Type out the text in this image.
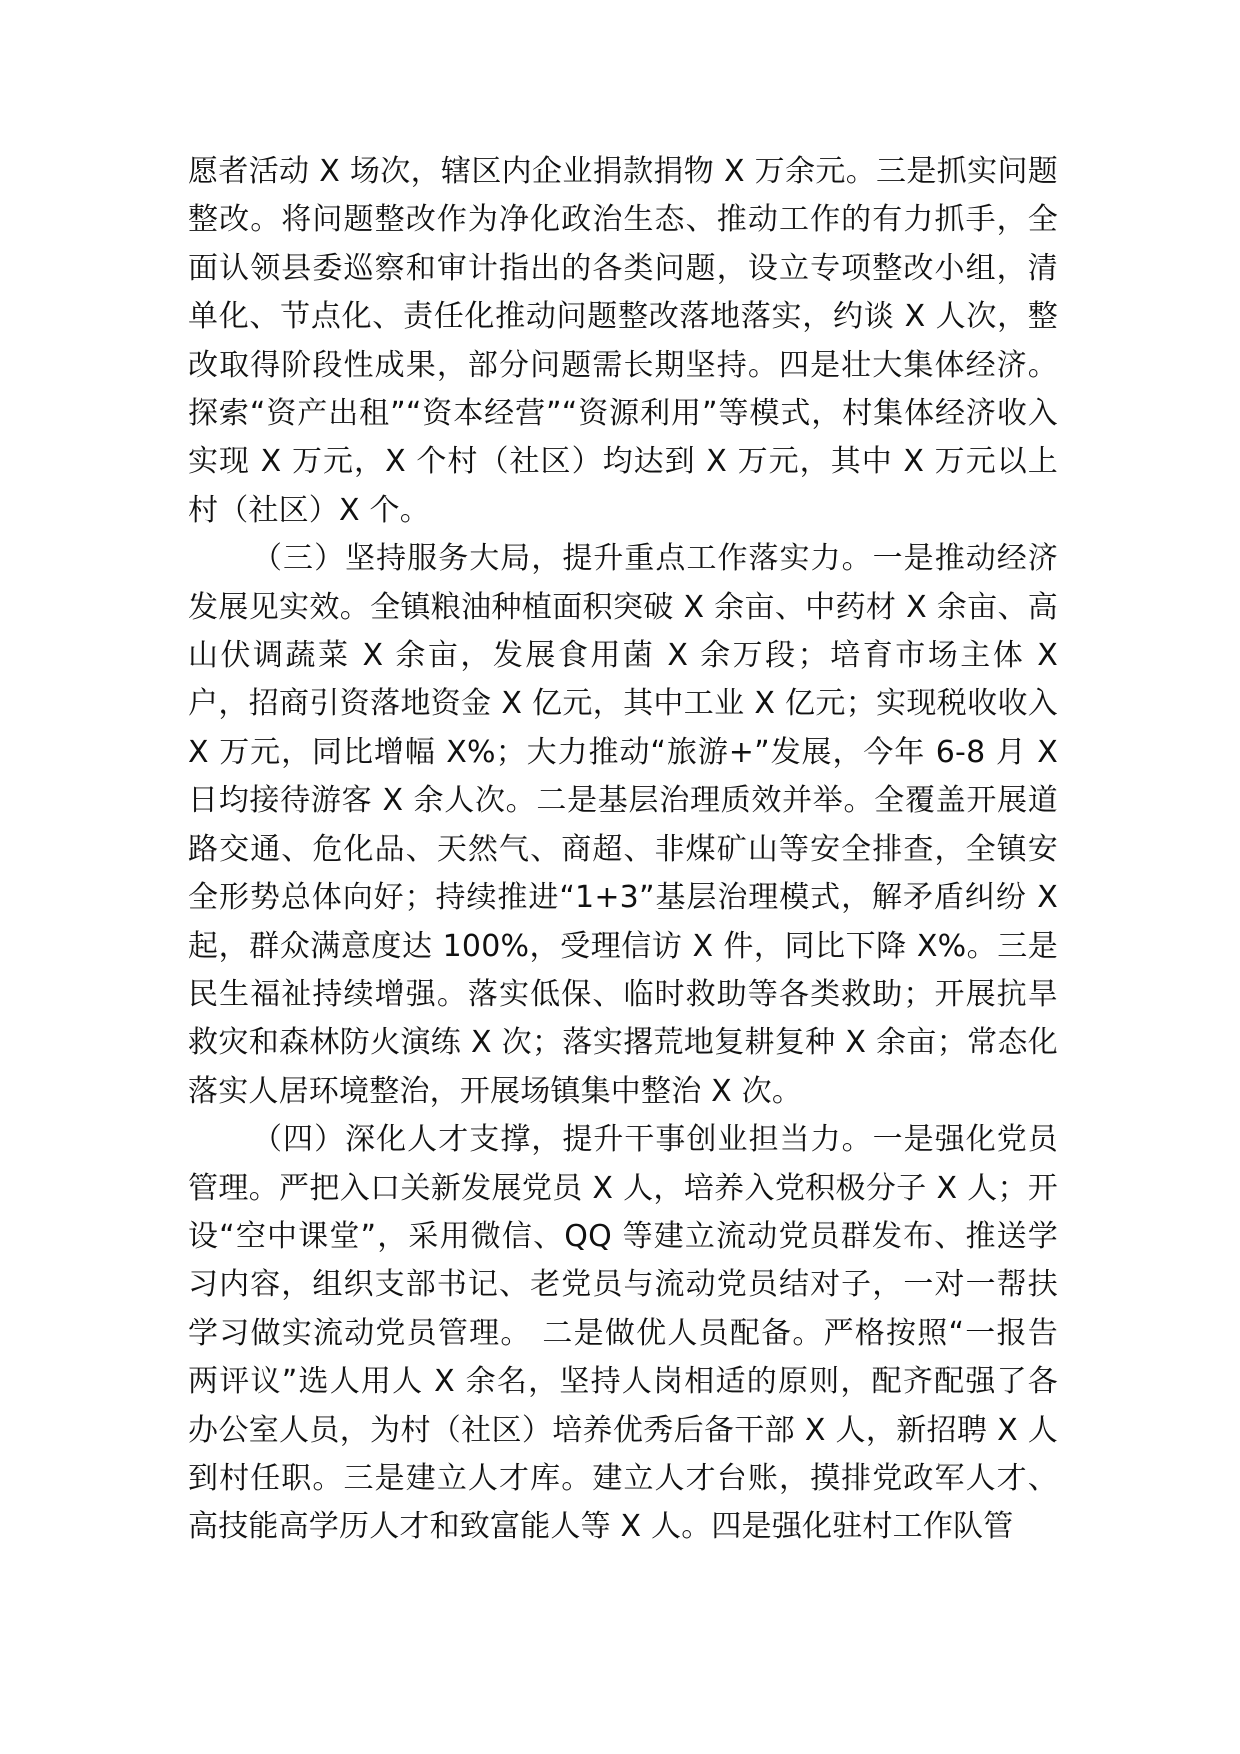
愿者活动 X 场次，辖区内企业捐款捐物 X 万余元。三是抓实问题整改。将问题整改作为净化政治生态、推动工作的有力抓手，全面认领县委巡察和审计指出的各类问题，设立专项整改小组，清单化、节点化、责任化推动问题整改落地落实，约谈 X 人次，整改取得阶段性成果，部分问题需长期坚持。四是壮大集体经济。探索“资产出租”“资本经营”“资源利用”等模式，村集体经济收入实现 X 万元，X 个村（社区）均达到 X 万元，其中 X 万元以上村（社区）X 个。

（三）坚持服务大局，提升重点工作落实力。一是推动经济发展见实效。全镇粮油种植面积突破 X 余亩、中药材 X 余亩、高山伏调蔬菜 X 余亩，发展食用菌 X 余万段；培育市场主体 X 户，招商引资落地资金 X 亿元，其中工业 X 亿元；实现税收收入 X 万元，同比增幅 X%；大力推动“旅游+”发展，今年 6-8 月 X 日均接待游客 X 余人次。二是基层治理质效并举。全覆盖开展道路交通、危化品、天然气、商超、非煤矿山等安全排查，全镇安全形势总体向好；持续推进“1+3”基层治理模式，解矛盾纠纷 X 起，群众满意度达 100%，受理信访 X 件，同比下降 X%。三是民生福祉持续增强。落实低保、临时救助等各类救助；开展抗旱救灾和森林防火演练 X 次；落实撂荒地复耕复种 X 余亩；常态化落实人居环境整治，开展场镇集中整治 X 次。

（四）深化人才支撑，提升干事创业担当力。一是强化党员管理。严把入口关新发展党员 X 人，培养入党积极分子 X 人；开设“空中课堂”，采用微信、QQ 等建立流动党员群发布、推送学习内容，组织支部书记、老党员与流动党员结对子，一对一帮扶学习做实流动党员管理。 二是做优人员配备。严格按照“一报告两评议”选人用人 X 余名，坚持人岗相适的原则，配齐配强了各办公室人员，为村（社区）培养优秀后备干部 X 人，新招聘 X 人到村任职。三是建立人才库。建立人才台账，摸排党政军人才、高技能高学历人才和致富能人等 X 人。四是强化驻村工作队管
